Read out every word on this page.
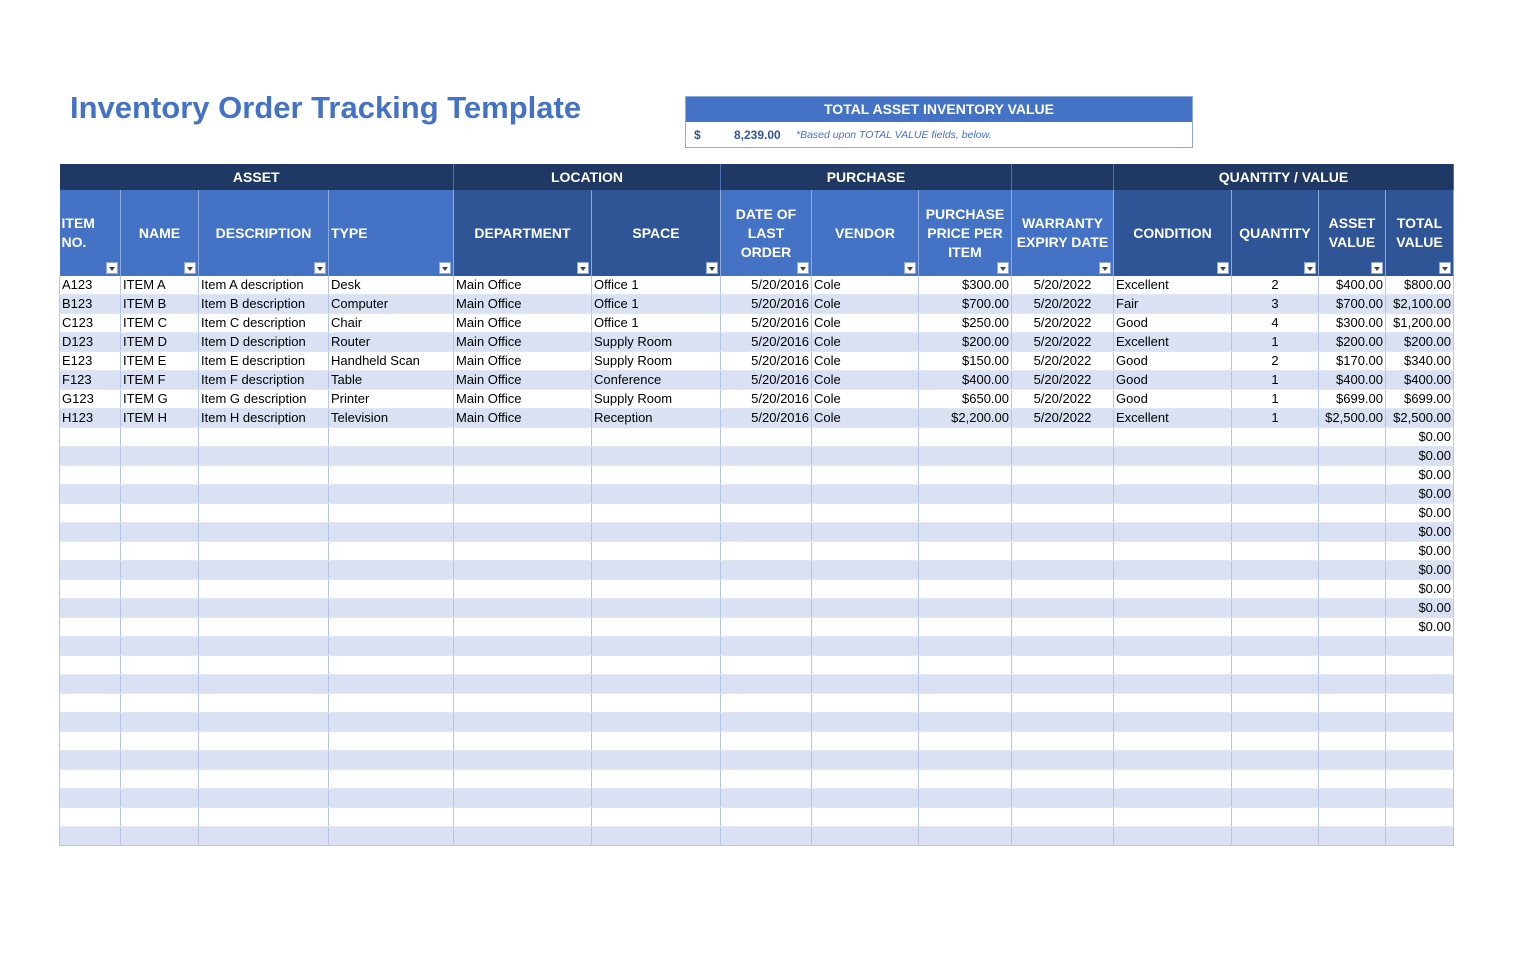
Inventory Order Tracking Template	TOTAL ASSET INVENTORY VALUE
$	8,239.00 *Based upon TOTAL VALUE fields, below.
ASSET				LOCATION		PURCHASE				QUANTITY / VALUE			
ITEM NO.	NAME	DESCRIPTION	TYPE	DEPARTMENT	SPACE	DATE OF LAST ORDER	VENDOR	PURCHASE PRICE PER ITEM	WARRANTY EXPIRY DATE	CONDITION	QUANTITY	ASSET VALUE	TOTAL VALUE

A123	ITEM A	Item A description	Desk	Main Office	Office 1	5/20/2016	Cole	$300.00	5/20/2022	Excellent	2	$400.00	$800.00
B123	ITEM B	Item B description	Computer	Main Office	Office 1	5/20/2016	Cole	$700.00	5/20/2022	Fair	3	$700.00	$2,100.00
C123	ITEM C	Item C description	Chair	Main Office	Office 1	5/20/2016	Cole	$250.00	5/20/2022	Good	4	$300.00	$1,200.00
D123	ITEM D	Item D description	Router	Main Office	Supply Room	5/20/2016	Cole	$200.00	5/20/2022	Excellent	1	$200.00	$200.00
E123	ITEM E	Item E description	Handheld Scan	Main Office	Supply Room	5/20/2016	Cole	$150.00	5/20/2022	Good	2	$170.00	$340.00
F123	ITEM F	Item F description	Table	Main Office	Conference	5/20/2016	Cole	$400.00	5/20/2022	Good	1	$400.00	$400.00
G123	ITEM G	Item G description	Printer	Main Office	Supply Room	5/20/2016	Cole	$650.00	5/20/2022	Good	1	$699.00	$699.00
H123	ITEM H	Item H description	Television	Main Office	Reception	5/20/2016	Cole	$2,200.00	5/20/2022	Excellent	1	$2,500.00	$2,500.00
													$0.00
													$0.00
													$0.00
													$0.00
													$0.00
													$0.00
													$0.00
													$0.00
													$0.00
													$0.00
													$0.00
